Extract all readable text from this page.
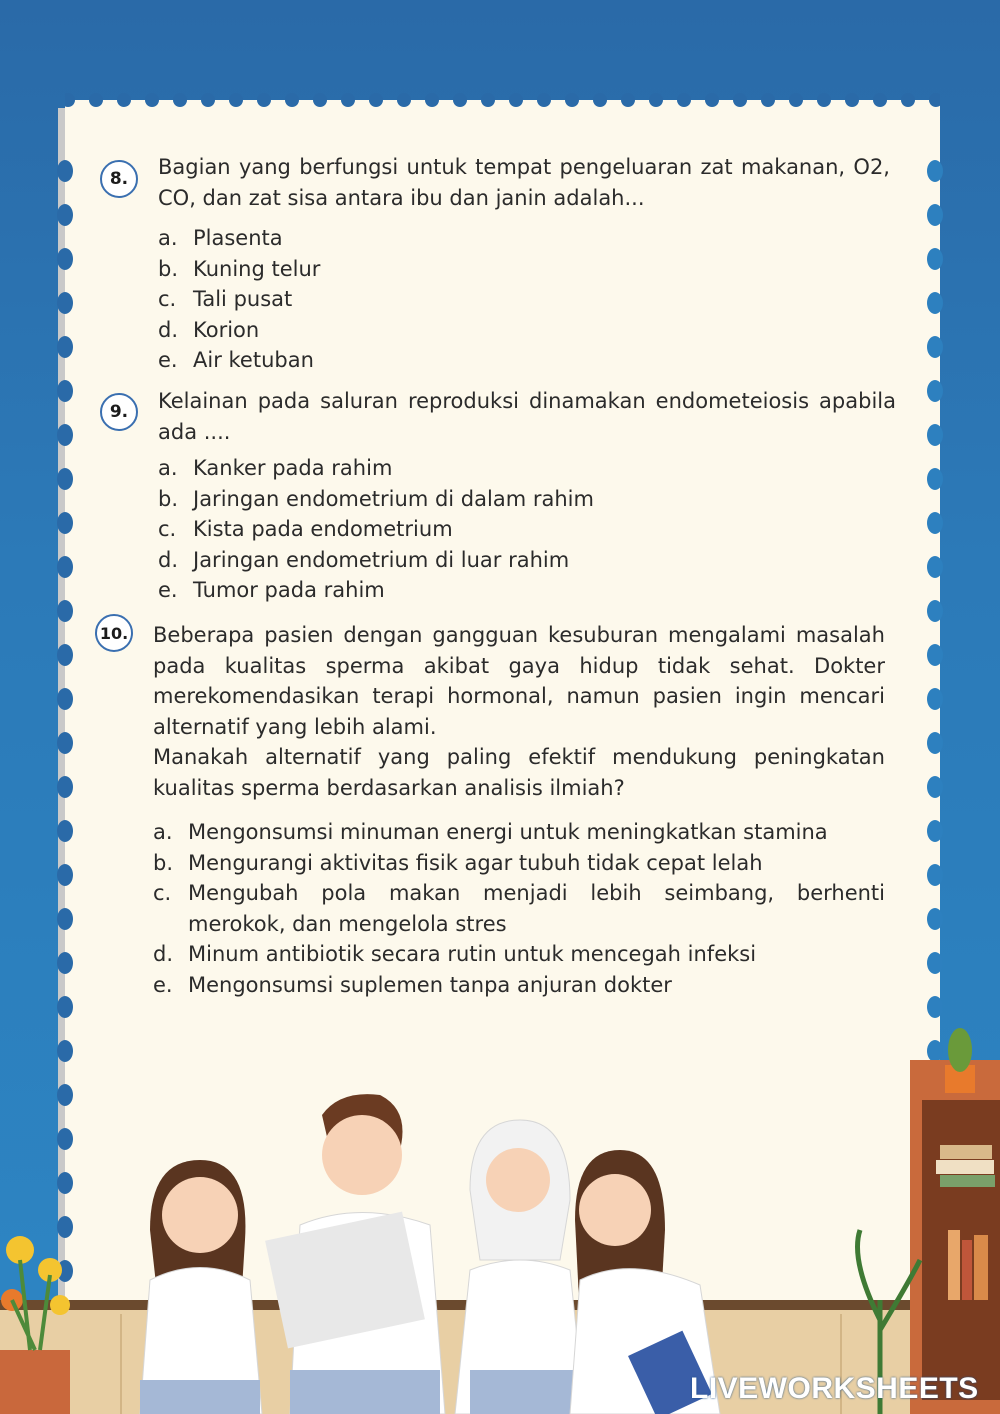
8.	Bagian yang berfungsi untuk tempat pengeluaran zat makanan, O2, CO, dan zat sisa antara ibu dan janin adalah...
a. Plasenta
b. Kuning telur
c. Tali pusat
d. Korion
e. Air ketuban
9.	Kelainan pada saluran reproduksi dinamakan endometeiosis apabila ada ....
a. Kanker pada rahim
b. Jaringan endometrium di dalam rahim
c. Kista pada endometrium
d. Jaringan endometrium di luar rahim
e. Tumor pada rahim
10. Beberapa pasien dengan gangguan kesuburan mengalami masalah pada kualitas sperma akibat gaya hidup tidak sehat. Dokter merekomendasikan terapi hormonal, namun pasien ingin mencari alternatif yang lebih alami.
Manakah alternatif yang paling efektif mendukung peningkatan kualitas sperma berdasarkan analisis ilmiah?
a. Mengonsumsi minuman energi untuk meningkatkan stamina
b. Mengurangi aktivitas fisik agar tubuh tidak cepat lelah
c. Mengubah pola makan menjadi lebih seimbang, berhenti merokok, dan mengelola stres
d. Minum antibiotik secara rutin untuk mencegah infeksi
e. Mengonsumsi suplemen tanpa anjuran dokter
LIVEWORKSHEETS
